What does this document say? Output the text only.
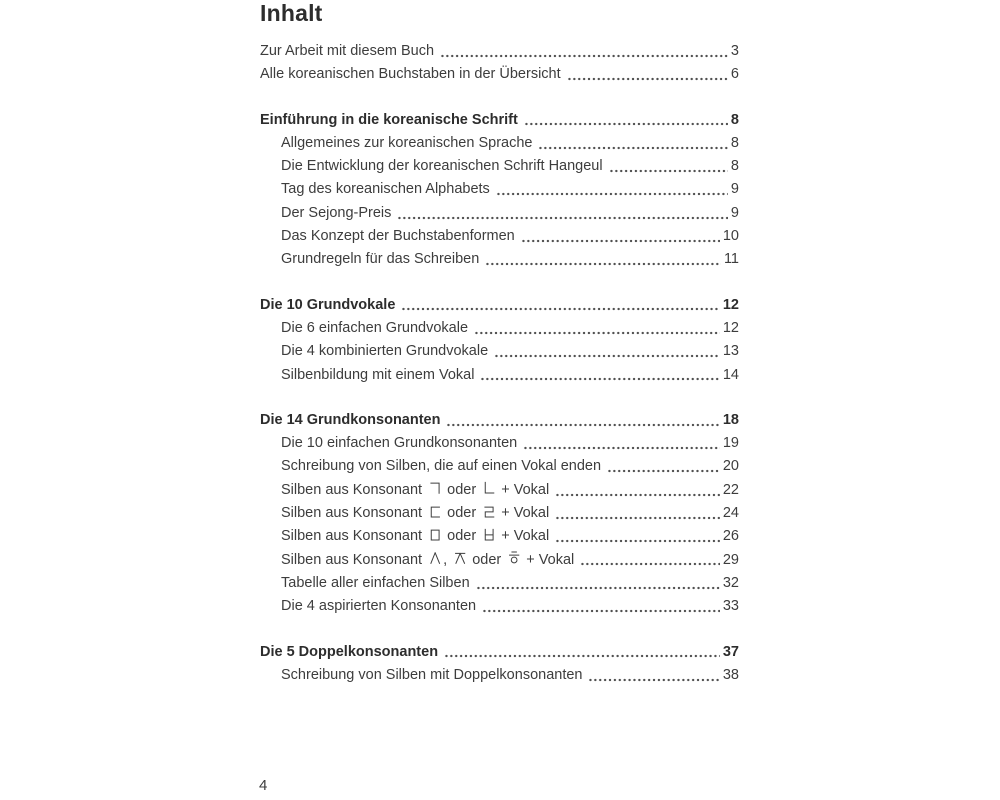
Inhalt
Zur Arbeit mit diesem Buch	3
Alle koreanischen Buchstaben in der Übersicht	6
Einführung in die koreanische Schrift	8
Allgemeines zur koreanischen Sprache	8
Die Entwicklung der koreanischen Schrift Hangeul	8
Tag des koreanischen Alphabets	9
Der Sejong-Preis	9
Das Konzept der Buchstabenformen	10
Grundregeln für das Schreiben	11
Die 10 Grundvokale	12
Die 6 einfachen Grundvokale	12
Die 4 kombinierten Grundvokale	13
Silbenbildung mit einem Vokal	14
Die 14 Grundkonsonanten	18
Die 10 einfachen Grundkonsonanten	19
Schreibung von Silben, die auf einen Vokal enden	20
Silben aus Konsonant  oder  + Vokal	22
Silben aus Konsonant  oder  + Vokal	24
Silben aus Konsonant  oder  + Vokal	26
Silben aus Konsonant ,  oder  + Vokal	29
Tabelle aller einfachen Silben	32
Die 4 aspirierten Konsonanten	33
Die 5 Doppelkonsonanten	37
Schreibung von Silben mit Doppelkonsonanten	38
4
